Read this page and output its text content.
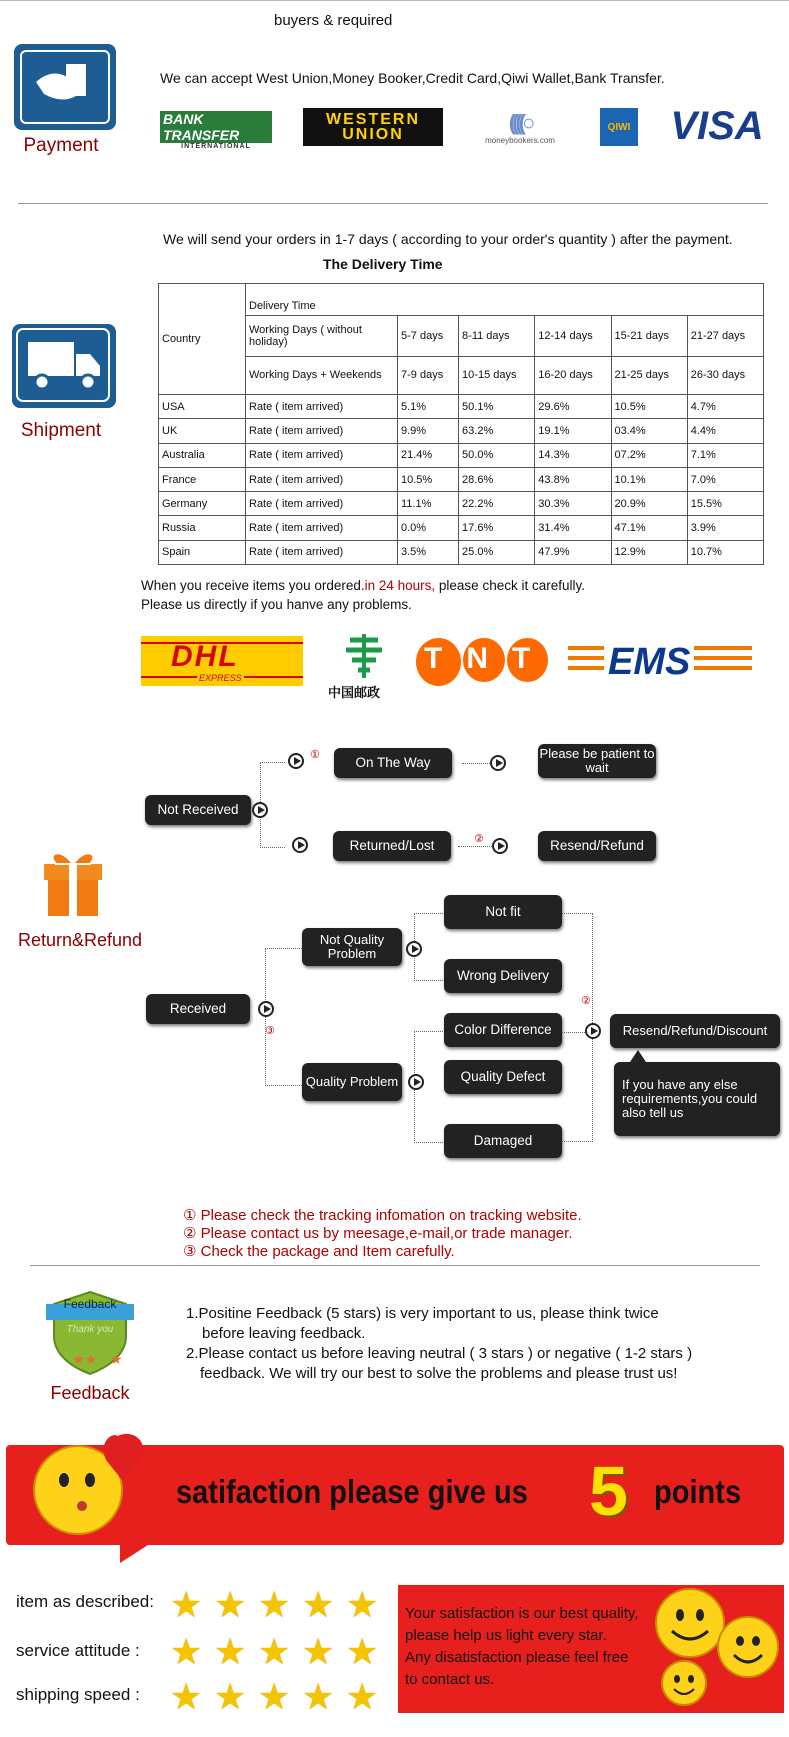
buyers & required
Payment
We can accept West Union,Money Booker,Credit Card,Qiwi Wallet,Bank Transfer.
BANK TRANSFER
INTERNATIONAL
WESTERN
UNION	((((○
moneybookers.com
QIWI VISA
We will send your orders in 1-7 days ( according to your order's quantity ) after the payment.
The Delivery Time
Shipment
Country	Delivery Time					
	Working Days ( without holiday)	5-7 days	8-11 days	12-14 days	15-21 days	21-27 days
	Working Days + Weekends	7-9 days	10-15 days	16-20 days	21-25 days	26-30 days
USA	Rate ( item arrived)	5.1%	50.1%	29.6%	10.5%	4.7%
UK	Rate ( item arrived)	9.9%	63.2%	19.1%	03.4%	4.4%
Australia	Rate ( item arrived)	21.4%	50.0%	14.3%	07.2%	7.1%
France	Rate ( item arrived)	10.5%	28.6%	43.8%	10.1%	7.0%
Germany	Rate ( item arrived)	11.1%	22.2%	30.3%	20.9%	15.5%
Russia	Rate ( item arrived)	0.0%	17.6%	31.4%	47.1%	3.9%
Spain	Rate ( item arrived)	3.5%	25.0%	47.9%	12.9%	10.7%
When you receive items you ordered.in 24 hours, please check it carefully.
Please us directly if you hanve any problems.
DHL
EXPRESS
中国邮政
TNT EMS
Return&Refund
Not Received
①	On The Way
Please be patient to wait
Returned/Lost	②	Resend/Refund
Received
③
Not Quality Problem
Quality Problem
Not fit
Wrong Delivery
Color Difference
Quality Defect
Damaged
②
Resend/Refund/Discount
If you have any else requirements,you could also tell us
① Please check the tracking infomation on tracking website.
② Please contact us by meesage,e-mail,or trade manager.
③ Check the package and Item carefully.
★
★★
Feedback
Thank you
Feedback
1.Positine Feedback (5 stars) is very important to us, please think twice
before leaving feedback.
2.Please contact us before leaving neutral ( 3 stars ) or negative ( 1-2 stars )
feedback. We will try our best to solve the problems and please trust us!
satifaction please give us 5 points
item as described:
service attitude :
shipping speed :
★ ★ ★ ★ ★
★ ★ ★ ★ ★
★ ★ ★ ★ ★
Your satisfaction is our best quality,
please help us light every star.
Any disatisfaction please feel free
to contact us.
